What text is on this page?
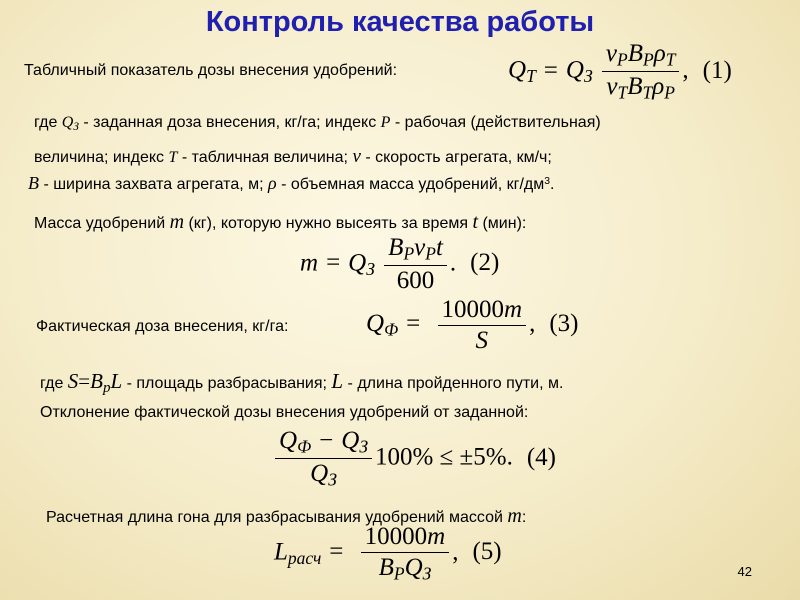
Контроль качества работы
Табличный показатель дозы внесения удобрений:	$Q_T = Q_З \frac{v_PB_P\rho_T}{v_TB_T\rho_P}$ , (1)
где $Q_З$ - заданная доза внесения, кг/га; индекс P - рабочая (действительная)
величина; индекс T - табличная величина; v - скорость агрегата, км/ч;
B - ширина захвата агрегата, м; ρ - объемная масса удобрений, $кг/дм^3$.
Масса удобрений m (кг), которую нужно высеять за время t (мин):
$m = Q_З \frac{B_Pv_Pt}{600}$ . (2)
Фактическая доза внесения, кг/га:	$Q_Ф = \frac{10000m}{S}$ , (3)
где S=BpL - площадь разбрасывания; L - длина пройденного пути, м.
Отклонение фактической дозы внесения удобрений от заданной:
$\frac{Q_Ф - Q_З}{Q_З} 100\% \le \pm 5\%$. (4)
Расчетная длина гона для разбрасывания удобрений массой m:
$L_{расч} = \frac{10000m}{B_PQ_З}$ , (5)
42
